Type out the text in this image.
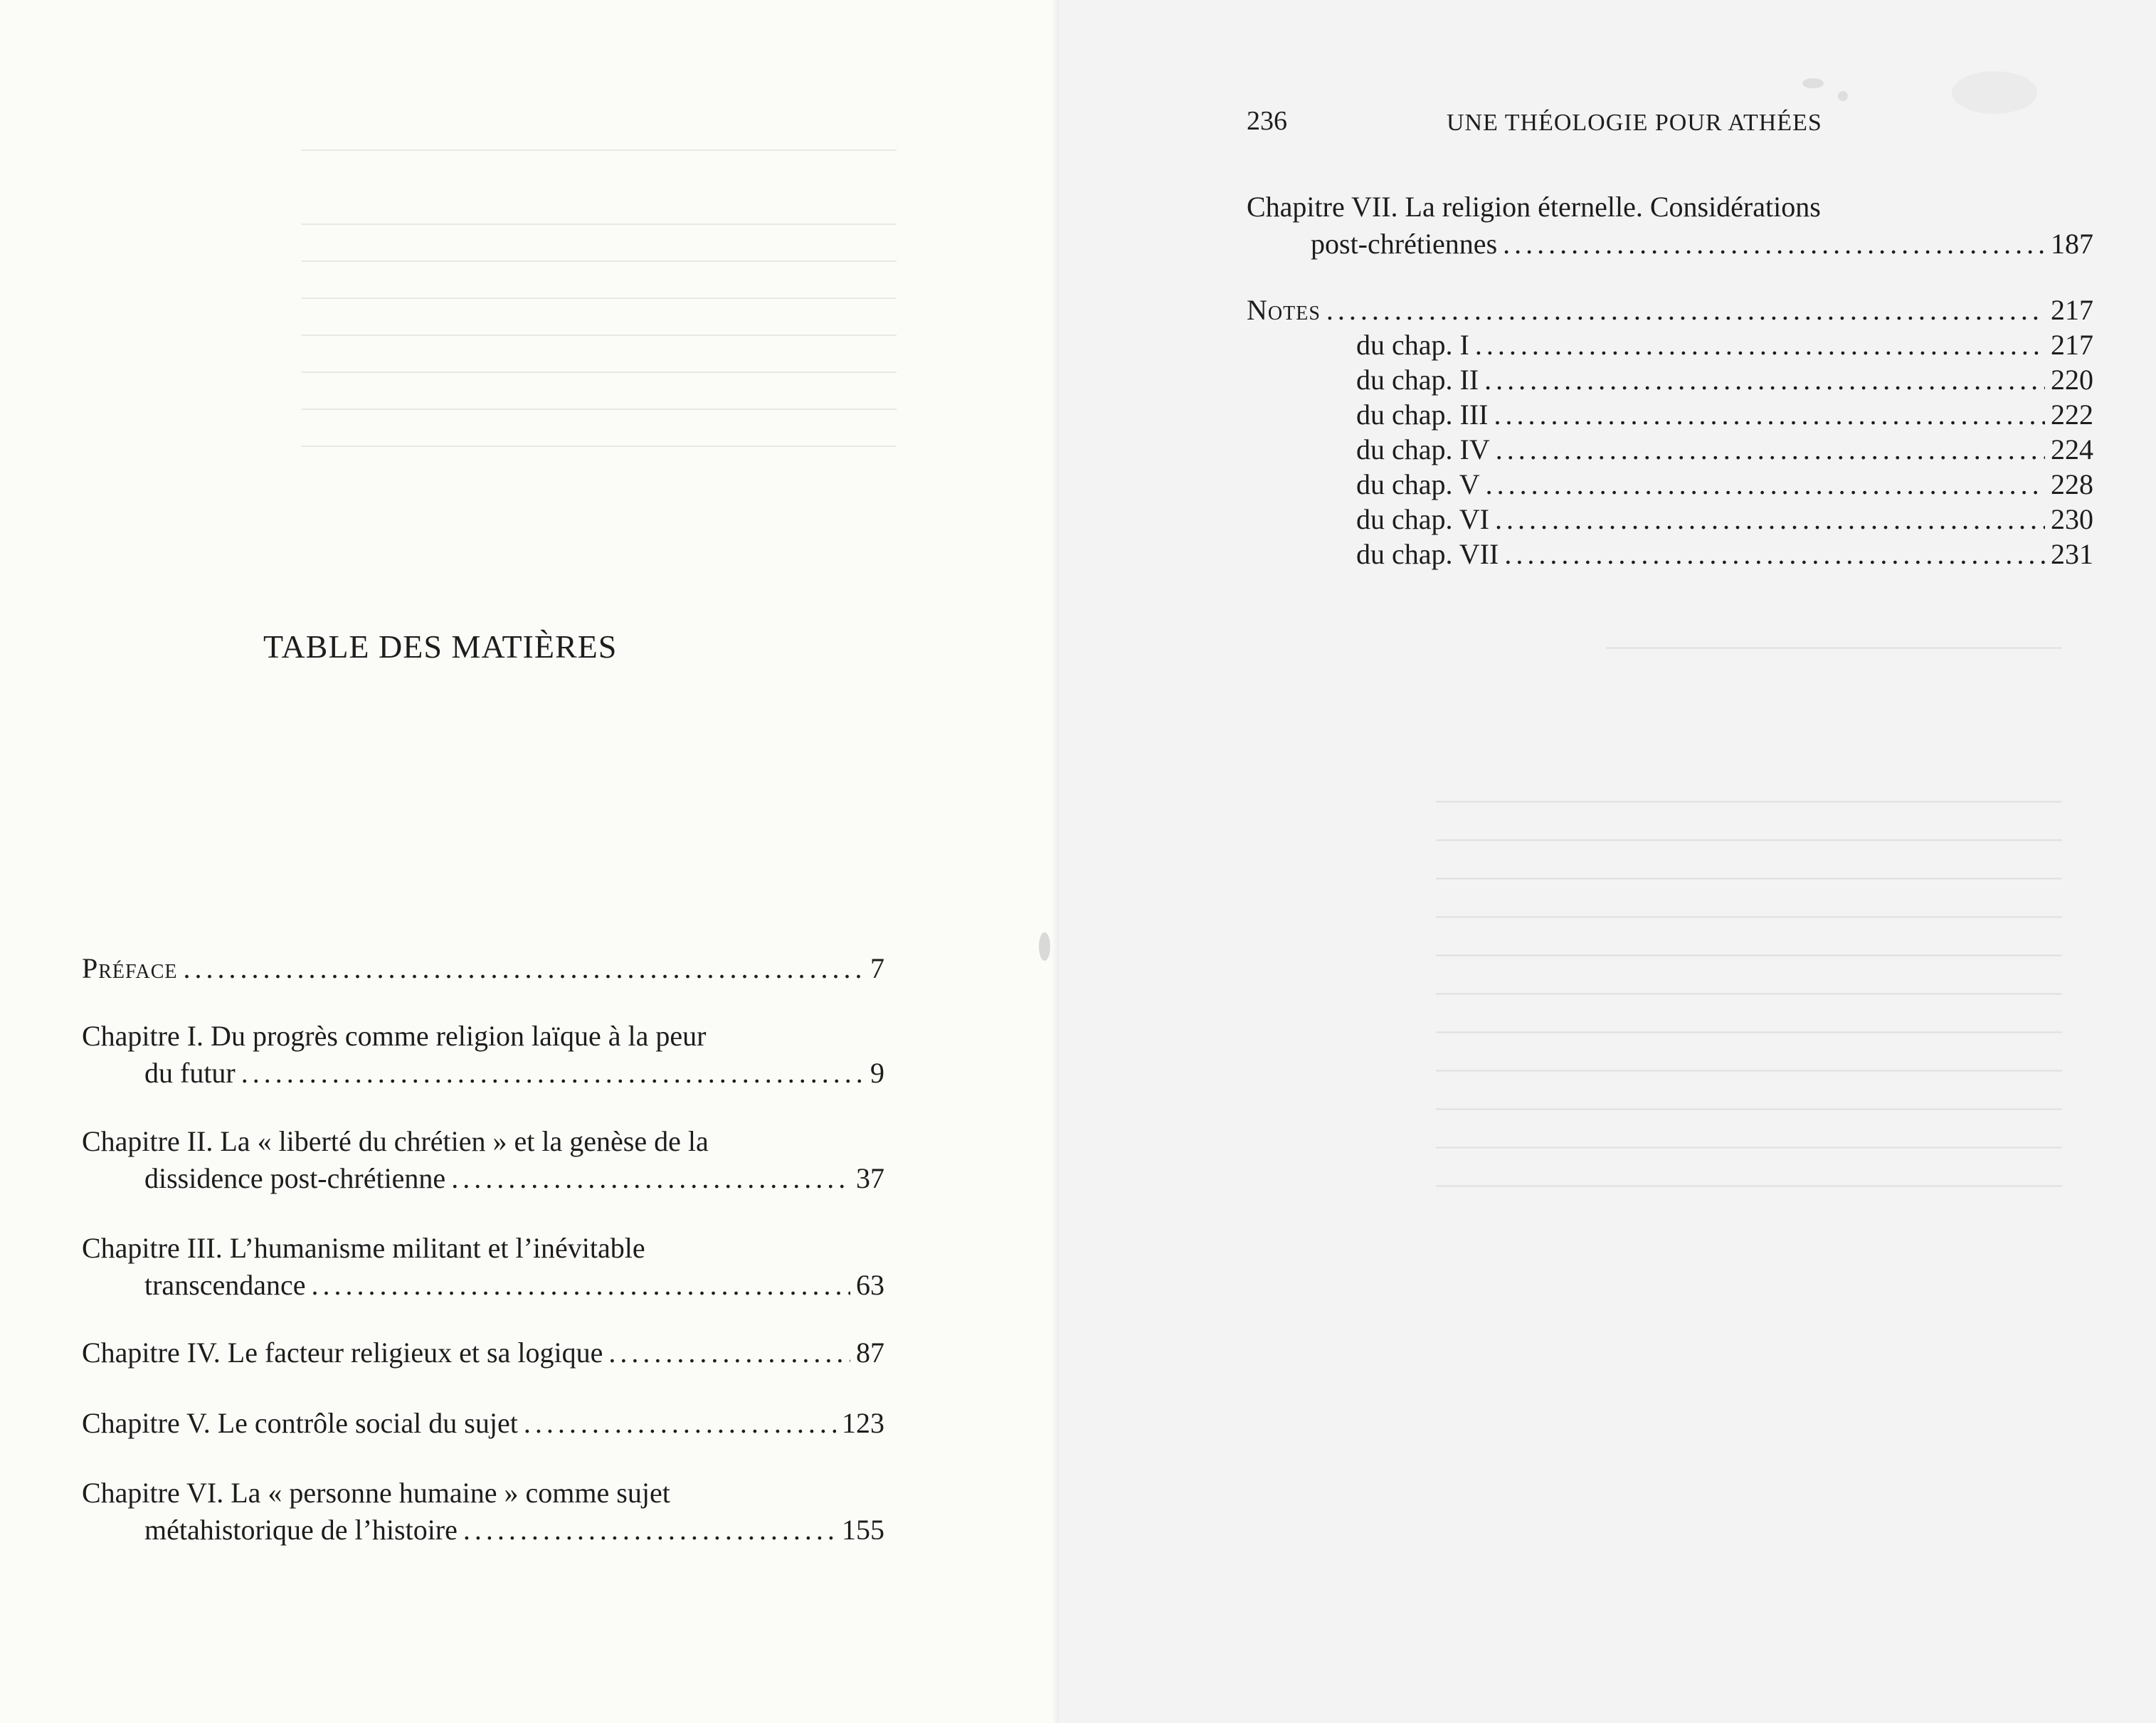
——————————————————————

——————————————————————
——————————————————————
——————————————————————
——————————————————————
——————————————————————
——————————————————————
——————————————————————
TABLE DES MATIÈRES
Préface .....	7
Chapitre I. Du progrès comme religion laïque à la peur
du futur .....	9
Chapitre II. La « liberté du chrétien » et la genèse de la
dissidence post-chrétienne .....	37
Chapitre III. L’humanisme militant et l’inévitable
transcendance .....	63
Chapitre IV. Le facteur religieux et sa logique .....	87
Chapitre V. Le contrôle social du sujet .....	123
Chapitre VI. La « personne humaine » comme sujet
métahistorique de l’histoire .....	155
————————————————

——————————————————————
——————————————————————
——————————————————————
——————————————————————
——————————————————————
——————————————————————
——————————————————————
——————————————————————
——————————————————————
——————————————————————
——————————————————————
236	UNE THÉOLOGIE POUR ATHÉES
Chapitre VII. La religion éternelle. Considérations
post-chrétiennes .....	187
Notes .....	217
du chap. I .....	217
du chap. II .....	220
du chap. III .....	222
du chap. IV .....	224
du chap. V .....	228
du chap. VI .....	230
du chap. VII .....	231
